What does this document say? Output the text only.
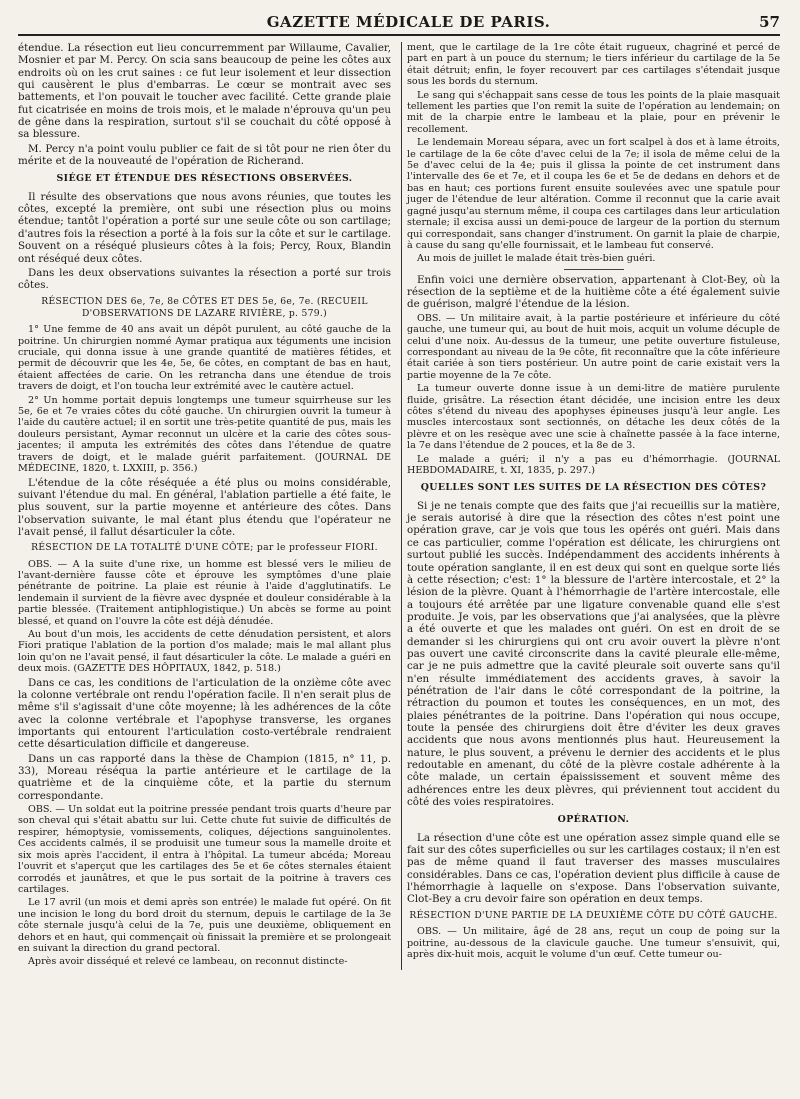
GAZETTE MÉDICALE DE PARIS.	57

étendue. La résection eut lieu concurremment par Willaume, Cavalier, Mosnier et par M. Percy. On scia sans beaucoup de peine les côtes aux endroits où on les crut saines : ce fut leur isolement et leur dissection qui causèrent le plus d'embarras. Le cœur se montrait avec ses battements, et l'on pouvait le toucher avec facilité. Cette grande plaie fut cicatrisée en moins de trois mois, et le malade n'éprouva qu'un peu de gêne dans la respiration, surtout s'il se couchait du côté opposé à sa blessure.

M. Percy n'a point voulu publier ce fait de si tôt pour ne rien ôter du mérite et de la nouveauté de l'opération de Richerand.

SIÉGE ET ÉTENDUE DES RÉSECTIONS OBSERVÉES.

Il résulte des observations que nous avons réunies, que toutes les côtes, excepté la première, ont subi une résection plus ou moins étendue; tantôt l'opération a porté sur une seule côte ou son cartilage; d'autres fois la résection a porté à la fois sur la côte et sur le cartilage. Souvent on a réséqué plusieurs côtes à la fois; Percy, Roux, Blandin ont réséqué deux côtes.

Dans les deux observations suivantes la résection a porté sur trois côtes.

RÉSECTION DES 6e, 7e, 8e CÔTES ET DES 5e, 6e, 7e. (RECUEIL D'OBSERVATIONS DE LAZARE RIVIÈRE, p. 579.)

1° Une femme de 40 ans avait un dépôt purulent, au côté gauche de la poitrine. Un chirurgien nommé Aymar pratiqua aux téguments une incision cruciale, qui donna issue à une grande quantité de matières fétides, et permit de découvrir que les 4e, 5e, 6e côtes, en comptant de bas en haut, étaient affectées de carie. On les retrancha dans une étendue de trois travers de doigt, et l'on toucha leur extrémité avec le cautère actuel.

2° Un homme portait depuis longtemps une tumeur squirrheuse sur les 5e, 6e et 7e vraies côtes du côté gauche. Un chirurgien ouvrit la tumeur à l'aide du cautère actuel; il en sortit une très-petite quantité de pus, mais les douleurs persistant, Aymar reconnut un ulcère et la carie des côtes sous-jacentes; il amputa les extrémités des côtes dans l'étendue de quatre travers de doigt, et le malade guérit parfaitement. (JOURNAL DE MÉDECINE, 1820, t. LXXIII, p. 356.)

L'étendue de la côte réséquée a été plus ou moins considérable, suivant l'étendue du mal. En général, l'ablation partielle a été faite, le plus souvent, sur la partie moyenne et antérieure des côtes. Dans l'observation suivante, le mal étant plus étendu que l'opérateur ne l'avait pensé, il fallut désarticuler la côte.

RÉSECTION DE LA TOTALITÉ D'UNE CÔTE; par le professeur FIORI.

OBS. — A la suite d'une rixe, un homme est blessé vers le milieu de l'avant-dernière fausse côte et éprouve les symptômes d'une plaie pénétrante de poitrine. La plaie est réunie à l'aide d'agglutinatifs. Le lendemain il survient de la fièvre avec dyspnée et douleur considérable à la partie blessée. (Traitement antiphlogistique.) Un abcès se forme au point blessé, et quand on l'ouvre la côte est déjà dénudée.

Au bout d'un mois, les accidents de cette dénudation persistent, et alors Fiori pratique l'ablation de la portion d'os malade; mais le mal allant plus loin qu'on ne l'avait pensé, il faut désarticuler la côte. Le malade a guéri en deux mois. (GAZETTE DES HÔPITAUX, 1842, p. 518.)

Dans ce cas, les conditions de l'articulation de la onzième côte avec la colonne vertébrale ont rendu l'opération facile. Il n'en serait plus de même s'il s'agissait d'une côte moyenne; là les adhérences de la côte avec la colonne vertébrale et l'apophyse transverse, les organes importants qui entourent l'articulation costo-vertébrale rendraient cette désarticulation difficile et dangereuse.

Dans un cas rapporté dans la thèse de Champion (1815, n° 11, p. 33), Moreau réséqua la partie antérieure et le cartilage de la quatrième et de la cinquième côte, et la partie du sternum correspondante.

OBS. — Un soldat eut la poitrine pressée pendant trois quarts d'heure par son cheval qui s'était abattu sur lui. Cette chute fut suivie de difficultés de respirer, hémoptysie, vomissements, coliques, déjections sanguinolentes. Ces accidents calmés, il se produisit une tumeur sous la mamelle droite et six mois après l'accident, il entra à l'hôpital. La tumeur abcéda; Moreau l'ouvrit et s'aperçut que les cartilages des 5e et 6e côtes sternales étaient corrodés et jaunâtres, et que le pus sortait de la poitrine à travers ces cartilages.

Le 17 avril (un mois et demi après son entrée) le malade fut opéré. On fit une incision le long du bord droit du sternum, depuis le cartilage de la 3e côte sternale jusqu'à celui de la 7e, puis une deuxième, obliquement en dehors et en haut, qui commençait où finissait la première et se prolongeait en suivant la direction du grand pectoral.

Après avoir disséqué et relevé ce lambeau, on reconnut distincte-

ment, que le cartilage de la 1re côte était rugueux, chagriné et percé de part en part à un pouce du sternum; le tiers inférieur du cartilage de la 5e était détruit; enfin, le foyer recouvert par ces cartilages s'étendait jusque sous les bords du sternum.

Le sang qui s'échappait sans cesse de tous les points de la plaie masquait tellement les parties que l'on remit la suite de l'opération au lendemain; on mit de la charpie entre le lambeau et la plaie, pour en prévenir le recollement.

Le lendemain Moreau sépara, avec un fort scalpel à dos et à lame étroits, le cartilage de la 6e côte d'avec celui de la 7e; il isola de même celui de la 5e d'avec celui de la 4e; puis il glissa la pointe de cet instrument dans l'intervalle des 6e et 7e, et il coupa les 6e et 5e de dedans en dehors et de bas en haut; ces portions furent ensuite soulevées avec une spatule pour juger de l'étendue de leur altération. Comme il reconnut que la carie avait gagné jusqu'au sternum même, il coupa ces cartilages dans leur articulation sternale; il excisa aussi un demi-pouce de largeur de la portion du sternum qui correspondait, sans changer d'instrument. On garnit la plaie de charpie, à cause du sang qu'elle fournissait, et le lambeau fut conservé.

Au mois de juillet le malade était très-bien guéri.

Enfin voici une dernière observation, appartenant à Clot-Bey, où la résection de la septième et de la huitième côte a été également suivie de guérison, malgré l'étendue de la lésion.

OBS. — Un militaire avait, à la partie postérieure et inférieure du côté gauche, une tumeur qui, au bout de huit mois, acquit un volume décuple de celui d'une noix. Au-dessus de la tumeur, une petite ouverture fistuleuse, correspondant au niveau de la 9e côte, fit reconnaître que la côte inférieure était cariée à son tiers postérieur. Un autre point de carie existait vers la partie moyenne de la 7e côte.

La tumeur ouverte donne issue à un demi-litre de matière purulente fluide, grisâtre. La résection étant décidée, une incision entre les deux côtes s'étend du niveau des apophyses épineuses jusqu'à leur angle. Les muscles intercostaux sont sectionnés, on détache les deux côtés de la plèvre et on les resèque avec une scie à chaînette passée à la face interne, la 7e dans l'étendue de 2 pouces, et la 8e de 3.

Le malade a guéri; il n'y a pas eu d'hémorrhagie. (JOURNAL HEBDOMADAIRE, t. XI, 1835, p. 297.)

QUELLES SONT LES SUITES DE LA RÉSECTION DES CÔTES?

Si je ne tenais compte que des faits que j'ai recueillis sur la matière, je serais autorisé à dire que la résection des côtes n'est point une opération grave, car je vois que tous les opérés ont guéri. Mais dans ce cas particulier, comme l'opération est délicate, les chirurgiens ont surtout publié les succès. Indépendamment des accidents inhérents à toute opération sanglante, il en est deux qui sont en quelque sorte liés à cette résection; c'est: 1° la blessure de l'artère intercostale, et 2° la lésion de la plèvre. Quant à l'hémorrhagie de l'artère intercostale, elle a toujours été arrêtée par une ligature convenable quand elle s'est produite. Je vois, par les observations que j'ai analysées, que la plèvre a été ouverte et que les malades ont guéri. On est en droit de se demander si les chirurgiens qui ont cru avoir ouvert la plèvre n'ont pas ouvert une cavité circonscrite dans la cavité pleurale elle-même, car je ne puis admettre que la cavité pleurale soit ouverte sans qu'il n'en résulte immédiatement des accidents graves, à savoir la pénétration de l'air dans le côté correspondant de la poitrine, la rétraction du poumon et toutes les conséquences, en un mot, des plaies pénétrantes de la poitrine. Dans l'opération qui nous occupe, toute la pensée des chirurgiens doit être d'éviter les deux graves accidents que nous avons mentionnés plus haut. Heureusement la nature, le plus souvent, a prévenu le dernier des accidents et le plus redoutable en amenant, du côté de la plèvre costale adhérente à la côte malade, un certain épaississement et souvent même des adhérences entre les deux plèvres, qui préviennent tout accident du côté des voies respiratoires.

OPÉRATION.

La résection d'une côte est une opération assez simple quand elle se fait sur des côtes superficielles ou sur les cartilages costaux; il n'en est pas de même quand il faut traverser des masses musculaires considérables. Dans ce cas, l'opération devient plus difficile à cause de l'hémorrhagie à laquelle on s'expose. Dans l'observation suivante, Clot-Bey a cru devoir faire son opération en deux temps.

RÉSECTION D'UNE PARTIE DE LA DEUXIÈME CÔTE DU CÔTÉ GAUCHE.

OBS. — Un militaire, âgé de 28 ans, reçut un coup de poing sur la poitrine, au-dessous de la clavicule gauche. Une tumeur s'ensuivit, qui, après dix-huit mois, acquit le volume d'un œuf. Cette tumeur ou-
